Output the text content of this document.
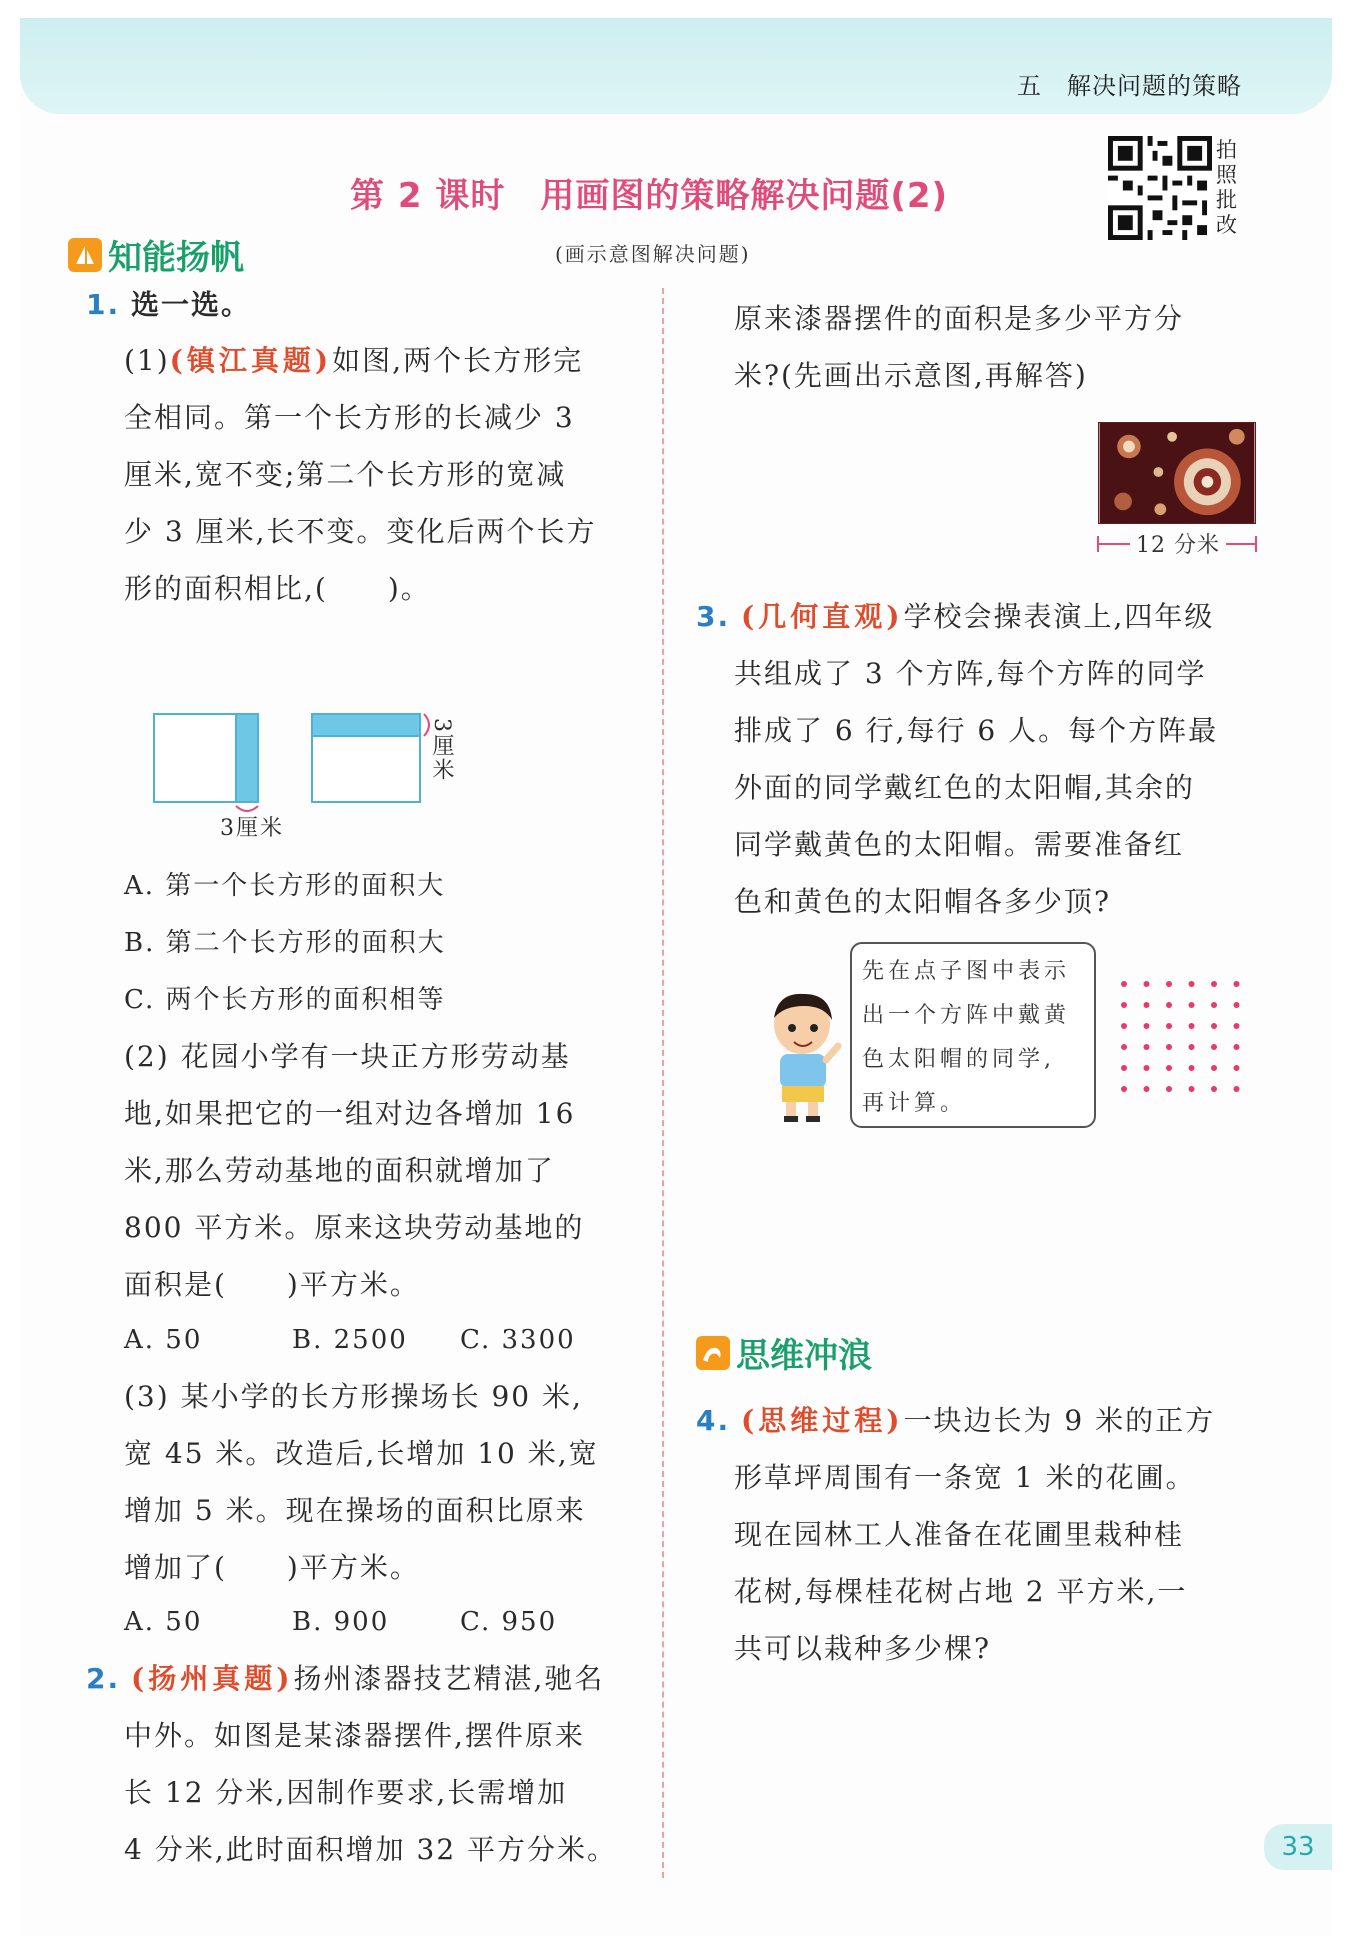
五　解决问题的策略
第 2 课时　用画图的策略解决问题(2)
(画示意图解决问题)
拍照批改
知能扬帆
1. 选一选。
(1)(镇江真题)如图,两个长方形完
全相同。第一个长方形的长减少 3
厘米,宽不变;第二个长方形的宽减
少 3 厘米,长不变。变化后两个长方
形的面积相比,(　　)。
3厘米
3厘米
A. 第一个长方形的面积大
B. 第二个长方形的面积大
C. 两个长方形的面积相等
(2) 花园小学有一块正方形劳动基
地,如果把它的一组对边各增加 16
米,那么劳动基地的面积就增加了
800 平方米。原来这块劳动基地的
面积是(　　)平方米。
A. 50	B. 2500	C. 3300
(3) 某小学的长方形操场长 90 米,
宽 45 米。改造后,长增加 10 米,宽
增加 5 米。现在操场的面积比原来
增加了(　　)平方米。
A. 50	B. 900	C. 950
2. (扬州真题)扬州漆器技艺精湛,驰名
中外。如图是某漆器摆件,摆件原来
长 12 分米,因制作要求,长需增加
4 分米,此时面积增加 32 平方分米。
原来漆器摆件的面积是多少平方分
米?(先画出示意图,再解答)
12 分米
3. (几何直观)学校会操表演上,四年级
共组成了 3 个方阵,每个方阵的同学
排成了 6 行,每行 6 人。每个方阵最
外面的同学戴红色的太阳帽,其余的
同学戴黄色的太阳帽。需要准备红
色和黄色的太阳帽各多少顶?
先在点子图中表示
出一个方阵中戴黄
色太阳帽的同学,
再计算。
思维冲浪
4. (思维过程)一块边长为 9 米的正方
形草坪周围有一条宽 1 米的花圃。
现在园林工人准备在花圃里栽种桂
花树,每棵桂花树占地 2 平方米,一
共可以栽种多少棵?
33
